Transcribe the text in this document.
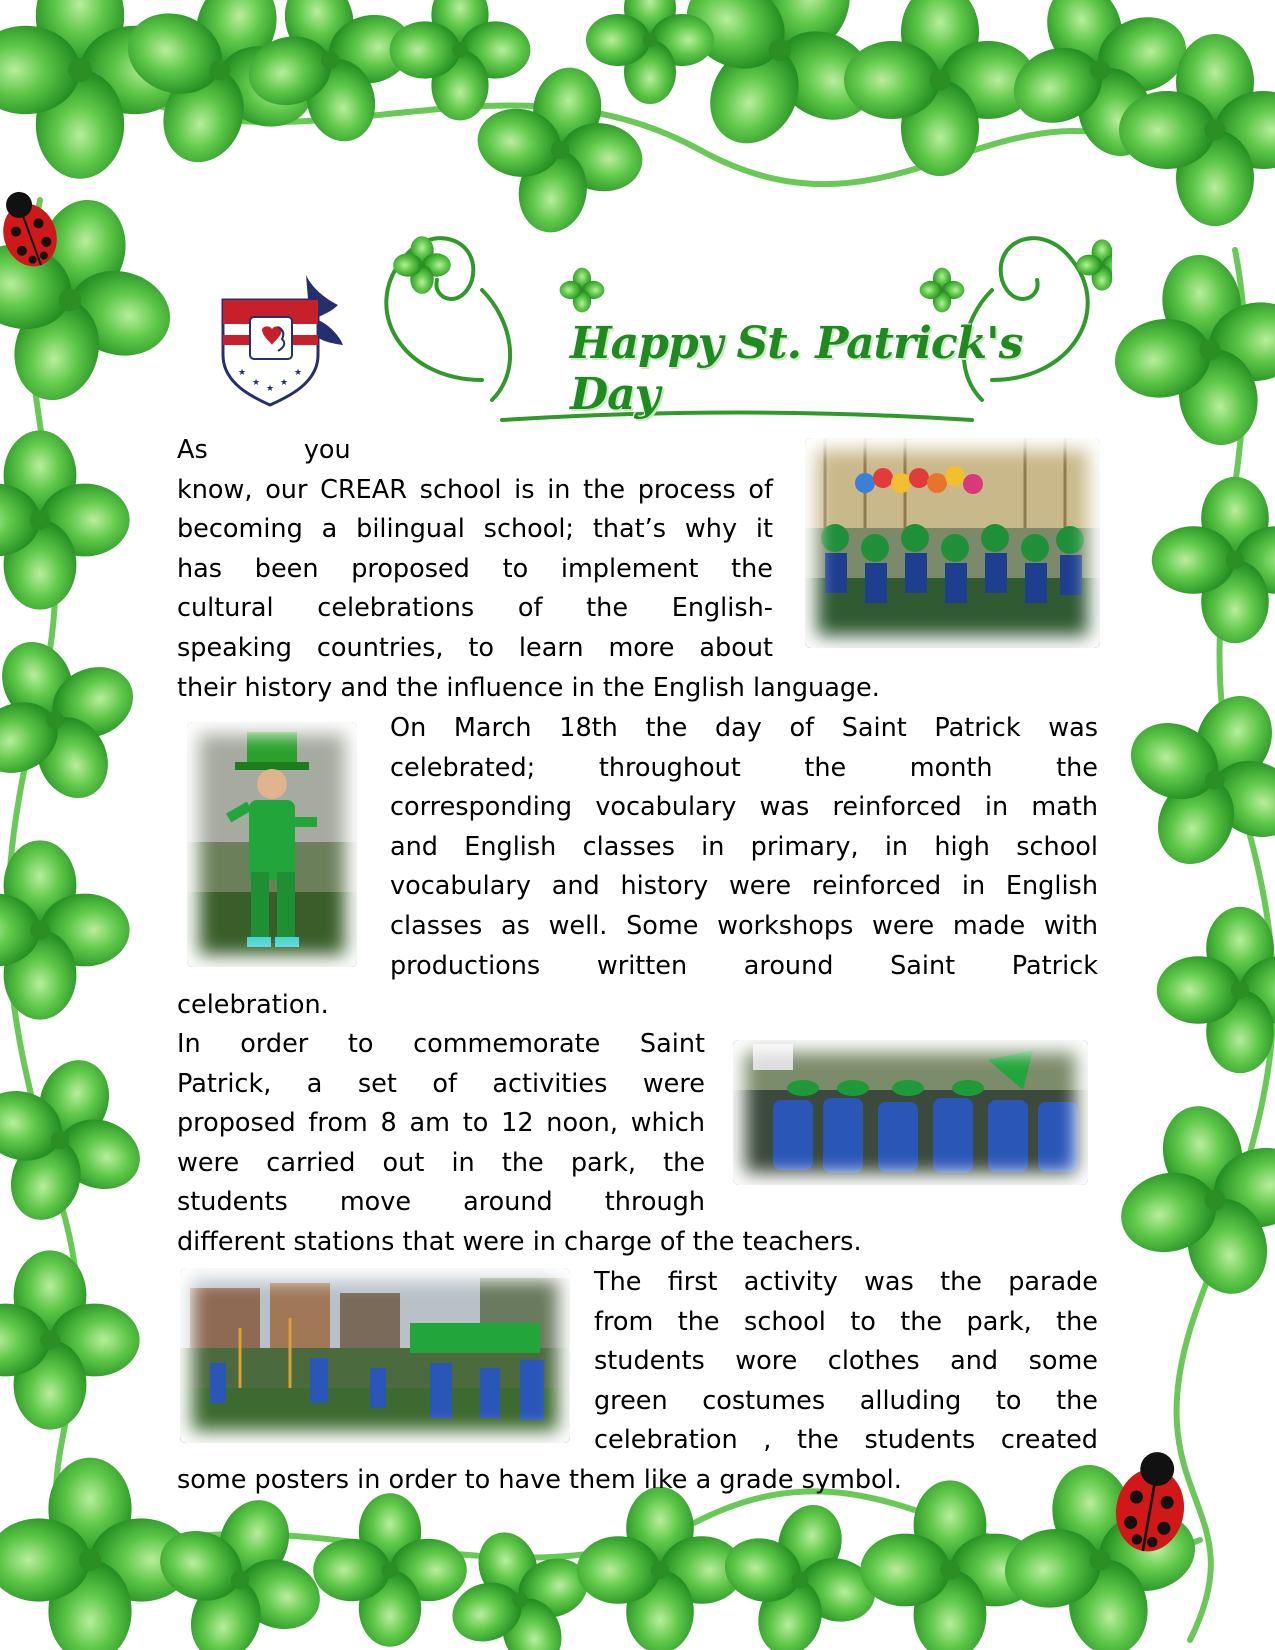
★
★
★
★
★
Happy St. Patrick's Day
As	you
know, our CREAR school is in the process of
becoming a bilingual school; that’s why it
has been proposed to implement the
cultural celebrations of the English-
speaking countries, to learn more about
their history and the influence in the English language.
On March 18th the day of Saint Patrick was
celebrated; throughout the month the
corresponding vocabulary was reinforced in math
and English classes in primary, in high school
vocabulary and history were reinforced in English
classes as well. Some workshops were made with
productions written around Saint Patrick
celebration.
In order to commemorate Saint
Patrick, a set of activities were
proposed from 8 am to 12 noon, which
were carried out in the park, the
students move around through
different stations that were in charge of the teachers.
The first activity was the parade
from the school to the park, the
students wore clothes and some
green costumes alluding to the
celebration , the students created
some posters in order to have them like a grade symbol.
